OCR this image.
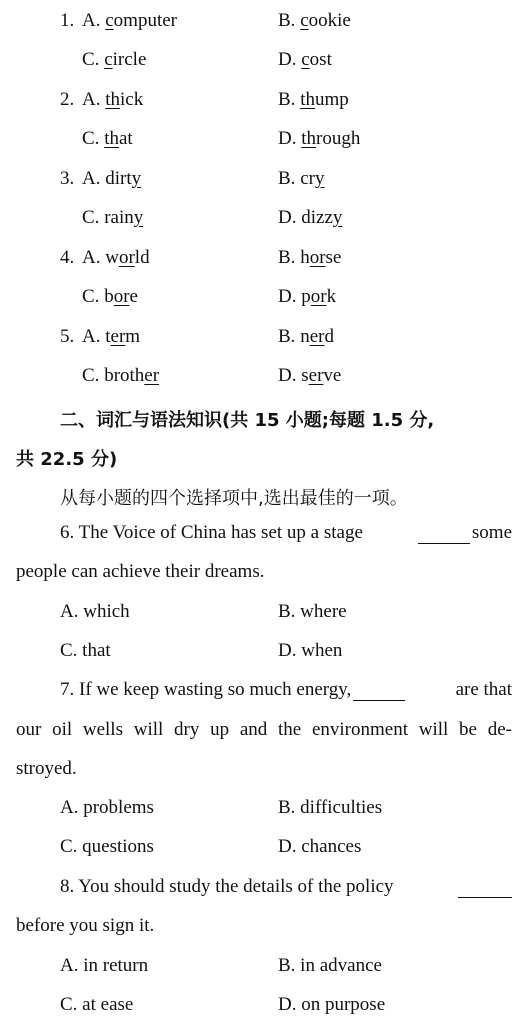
1. A. computer	B. cookie
C. circle	D. cost
2. A. thick	B. thump
C. that	D. through
3. A. dirty	B. cry
C. rainy	D. dizzy
4. A. world	B. horse
C. bore	D. pork
5. A. term	B. nerd
C. brother	D. serve
二、词汇与语法知识(共 15 小题;每题 1.5 分,
共 22.5 分)
从每小题的四个选择项中,选出最佳的一项。
6. The Voice of China has set up a stage	some
people can achieve their dreams.
A. which	B. where
C. that	D. when
7. If we keep wasting so much energy,	are that
our oil wells will dry up and the environment will be de-
stroyed.
A. problems	B. difficulties
C. questions	D. chances
8. You should study the details of the policy
before you sign it.
A. in return	B. in advance
C. at ease	D. on purpose
